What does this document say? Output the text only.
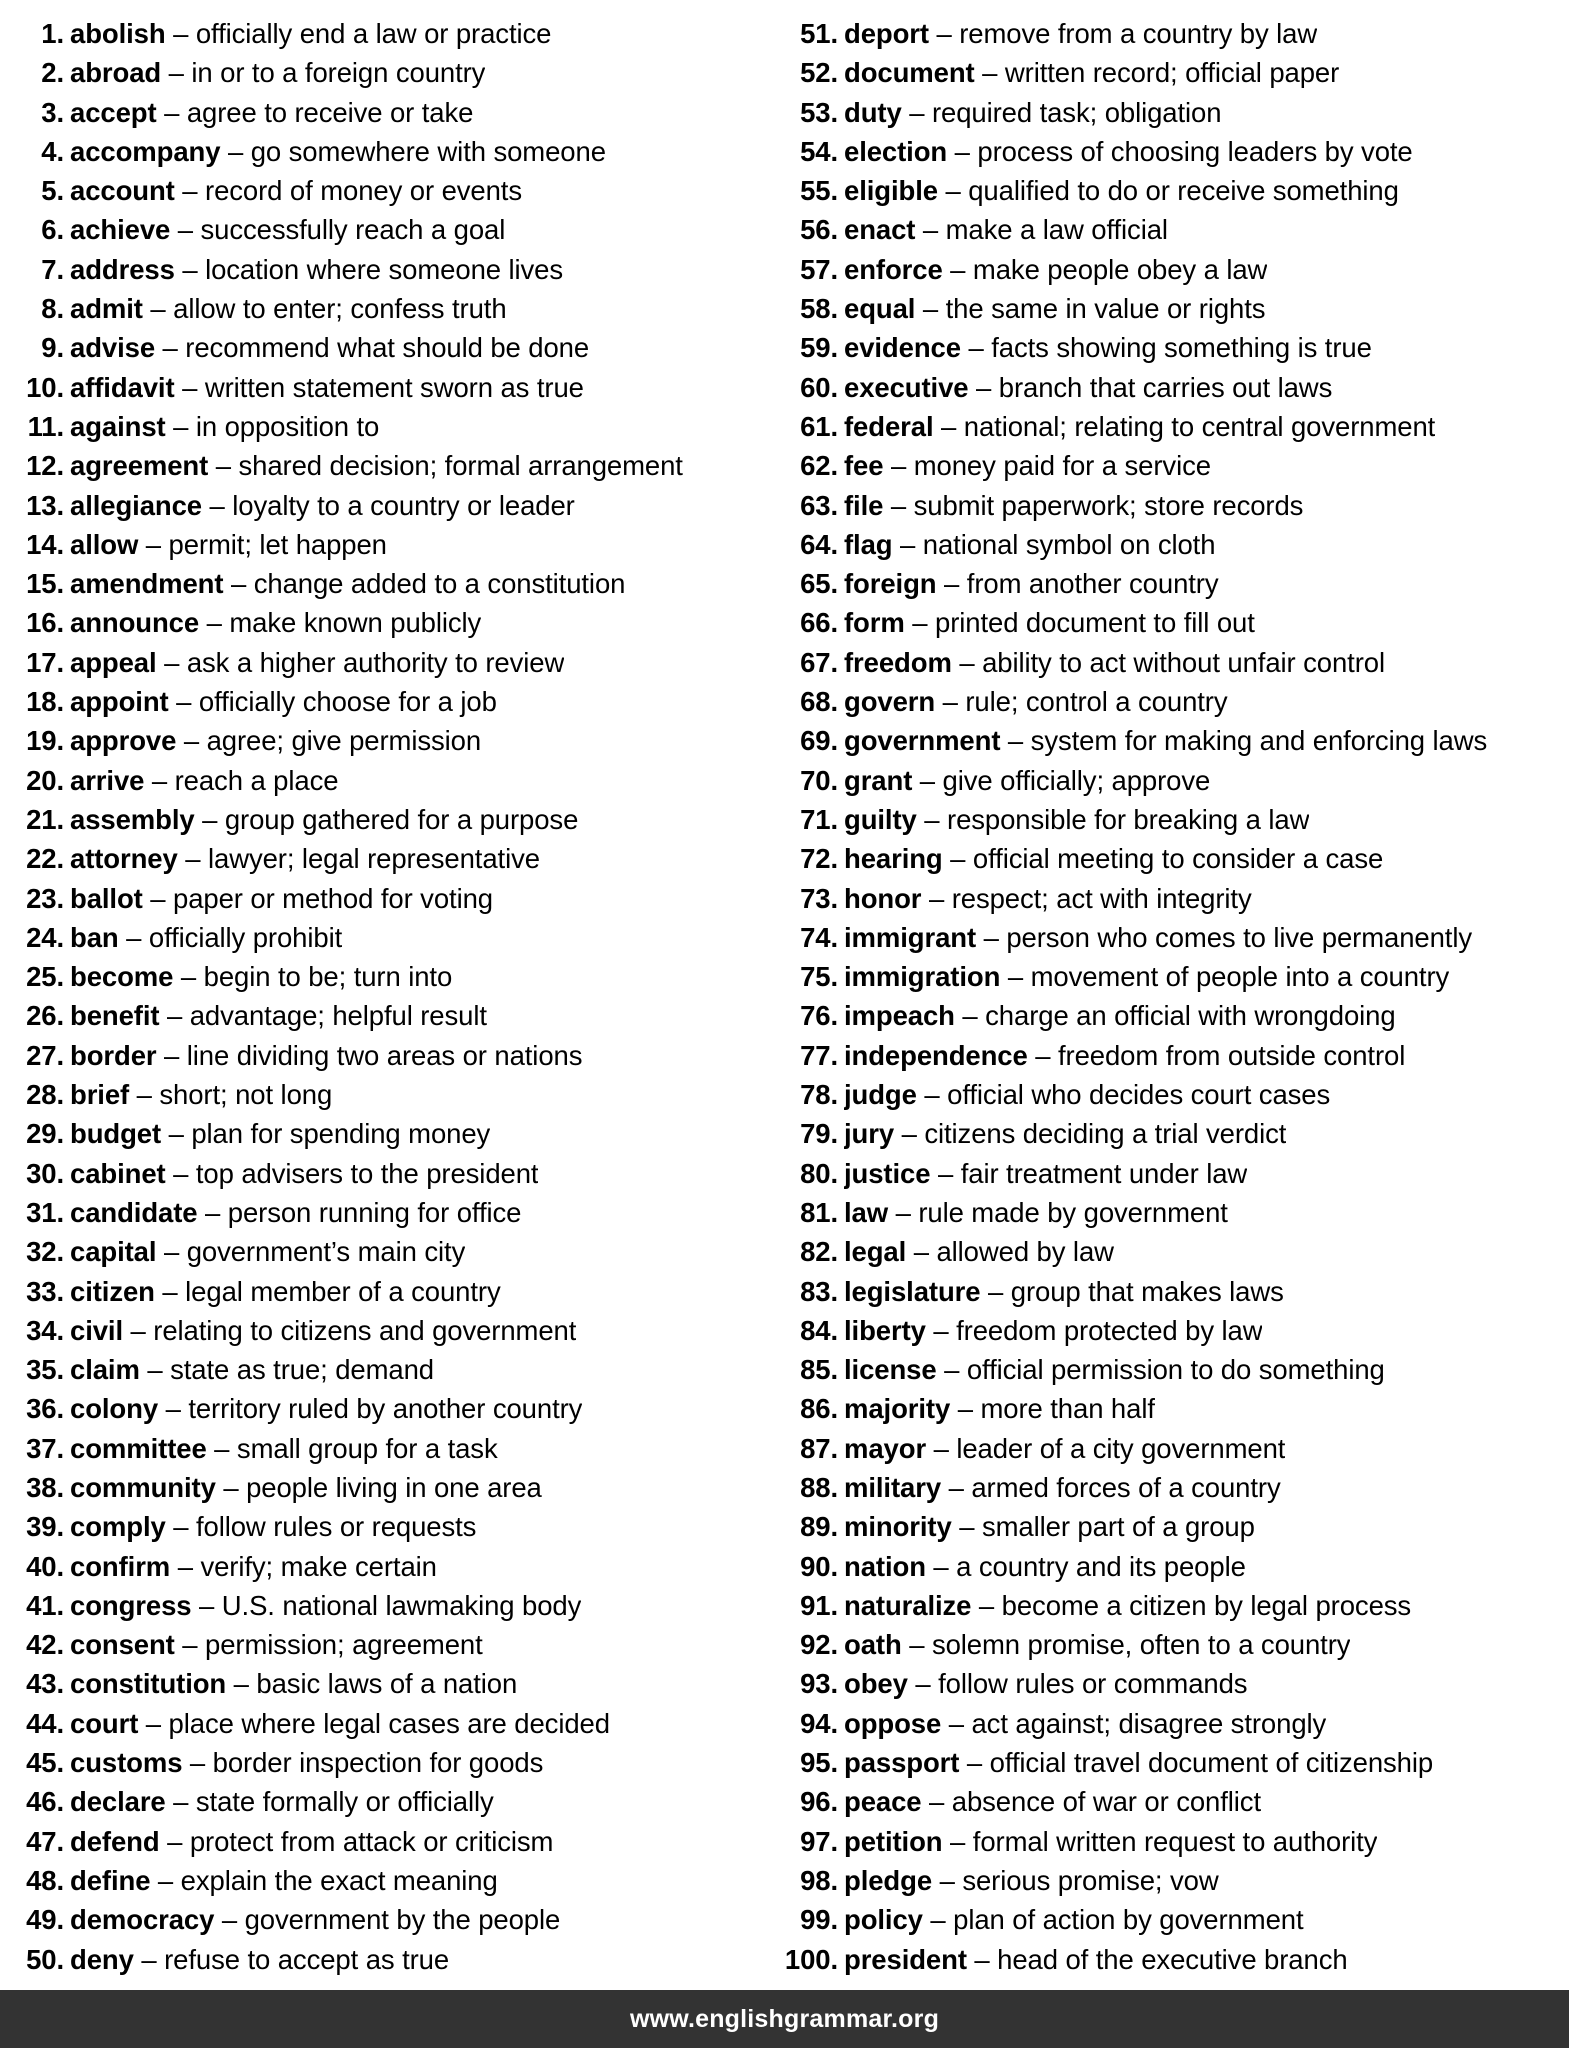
1. abolish – officially end a law or practice
2. abroad – in or to a foreign country
3. accept – agree to receive or take
4. accompany – go somewhere with someone
5. account – record of money or events
6. achieve – successfully reach a goal
7. address – location where someone lives
8. admit – allow to enter; confess truth
9. advise – recommend what should be done
10. affidavit – written statement sworn as true
11. against – in opposition to
12. agreement – shared decision; formal arrangement
13. allegiance – loyalty to a country or leader
14. allow – permit; let happen
15. amendment – change added to a constitution
16. announce – make known publicly
17. appeal – ask a higher authority to review
18. appoint – officially choose for a job
19. approve – agree; give permission
20. arrive – reach a place
21. assembly – group gathered for a purpose
22. attorney – lawyer; legal representative
23. ballot – paper or method for voting
24. ban – officially prohibit
25. become – begin to be; turn into
26. benefit – advantage; helpful result
27. border – line dividing two areas or nations
28. brief – short; not long
29. budget – plan for spending money
30. cabinet – top advisers to the president
31. candidate – person running for office
32. capital – government’s main city
33. citizen – legal member of a country
34. civil – relating to citizens and government
35. claim – state as true; demand
36. colony – territory ruled by another country
37. committee – small group for a task
38. community – people living in one area
39. comply – follow rules or requests
40. confirm – verify; make certain
41. congress – U.S. national lawmaking body
42. consent – permission; agreement
43. constitution – basic laws of a nation
44. court – place where legal cases are decided
45. customs – border inspection for goods
46. declare – state formally or officially
47. defend – protect from attack or criticism
48. define – explain the exact meaning
49. democracy – government by the people
50. deny – refuse to accept as true
51. deport – remove from a country by law
52. document – written record; official paper
53. duty – required task; obligation
54. election – process of choosing leaders by vote
55. eligible – qualified to do or receive something
56. enact – make a law official
57. enforce – make people obey a law
58. equal – the same in value or rights
59. evidence – facts showing something is true
60. executive – branch that carries out laws
61. federal – national; relating to central government
62. fee – money paid for a service
63. file – submit paperwork; store records
64. flag – national symbol on cloth
65. foreign – from another country
66. form – printed document to fill out
67. freedom – ability to act without unfair control
68. govern – rule; control a country
69. government – system for making and enforcing laws
70. grant – give officially; approve
71. guilty – responsible for breaking a law
72. hearing – official meeting to consider a case
73. honor – respect; act with integrity
74. immigrant – person who comes to live permanently
75. immigration – movement of people into a country
76. impeach – charge an official with wrongdoing
77. independence – freedom from outside control
78. judge – official who decides court cases
79. jury – citizens deciding a trial verdict
80. justice – fair treatment under law
81. law – rule made by government
82. legal – allowed by law
83. legislature – group that makes laws
84. liberty – freedom protected by law
85. license – official permission to do something
86. majority – more than half
87. mayor – leader of a city government
88. military – armed forces of a country
89. minority – smaller part of a group
90. nation – a country and its people
91. naturalize – become a citizen by legal process
92. oath – solemn promise, often to a country
93. obey – follow rules or commands
94. oppose – act against; disagree strongly
95. passport – official travel document of citizenship
96. peace – absence of war or conflict
97. petition – formal written request to authority
98. pledge – serious promise; vow
99. policy – plan of action by government
100. president – head of the executive branch
www.englishgrammar.org
